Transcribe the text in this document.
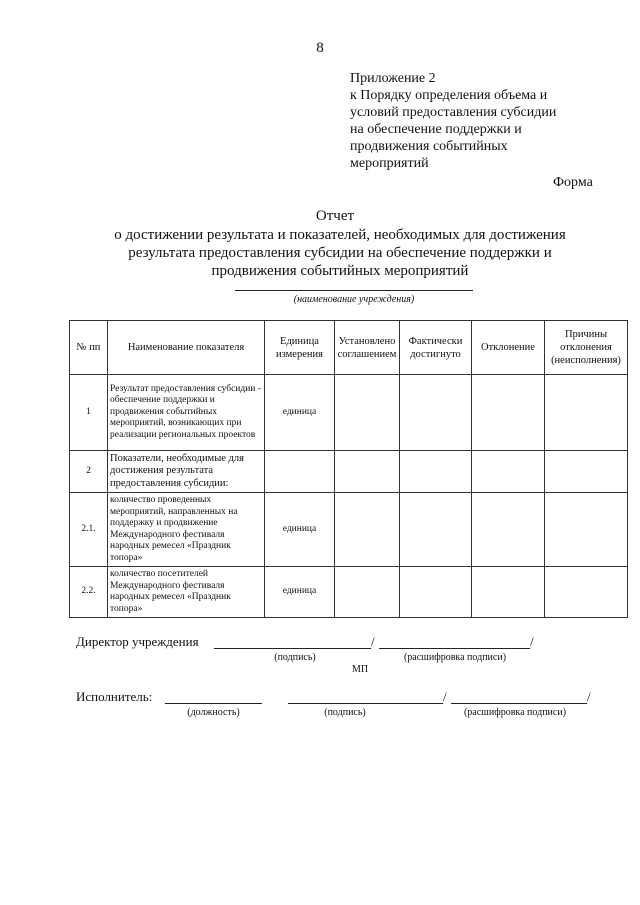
8
Приложение 2
к Порядку определения объема и
условий предоставления субсидии
на обеспечение поддержки и
продвижения событийных
мероприятий
Форма
Отчет
о достижении результата и показателей, необходимых для достижения
результата предоставления субсидии на обеспечение поддержки и
продвижения событийных мероприятий
(наименование учреждения)
№ пп	Наименование показателя	Единица измерения	Установлено соглашением	Фактически достигнуто	Отклонение	Причины отклонения (неисполнения)
1	Результат предоставления субсидии - обеспечение поддержки и продвижения событийных мероприятий, возникающих при реализации региональных проектов	единица				
2	Показатели, необходимые для достижения результата предоставления субсидии:					
2.1.	количество проведенных мероприятий, направленных на поддержку и продвижение Международного фестиваля народных ремесел «Праздник топора»	единица				
2.2.	количество посетителей Международного фестиваля народных ремесел «Праздник топора»	единица				
Директор учреждения	/	/
(подпись)	(расшифровка подписи)
МП
Исполнитель:	/	/
(должность)	(подпись)	(расшифровка подписи)
